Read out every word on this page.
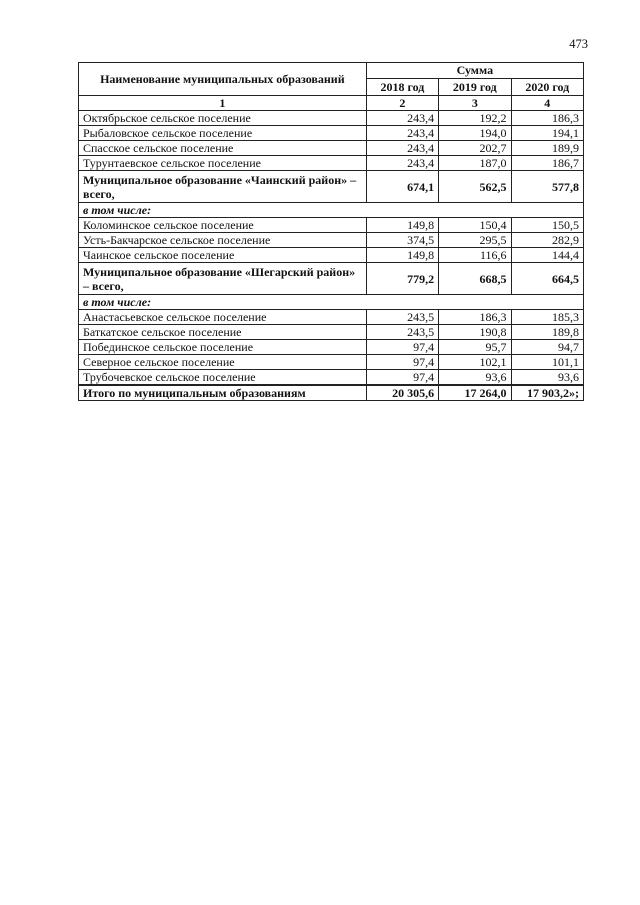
473
Наименование муниципальных образований	Сумма		
	2018 год	2019 год	2020 год
1	2	3	4
Октябрьское сельское поселение	243,4	192,2	186,3
Рыбаловское сельское поселение	243,4	194,0	194,1
Спасское сельское поселение	243,4	202,7	189,9
Турунтаевское сельское поселение	243,4	187,0	186,7
Муниципальное образование «Чаинский район» – всего,	674,1	562,5	577,8
в том числе:			
Коломинское сельское поселение	149,8	150,4	150,5
Усть-Бакчарское сельское поселение	374,5	295,5	282,9
Чаинское сельское поселение	149,8	116,6	144,4
Муниципальное образование «Шегарский район» – всего,	779,2	668,5	664,5
в том числе:			
Анастасьевское сельское поселение	243,5	186,3	185,3
Баткатское сельское поселение	243,5	190,8	189,8
Побединское сельское поселение	97,4	95,7	94,7
Северное сельское поселение	97,4	102,1	101,1
Трубочевское сельское поселение	97,4	93,6	93,6
Итого по муниципальным образованиям	20 305,6	17 264,0	17 903,2»;
